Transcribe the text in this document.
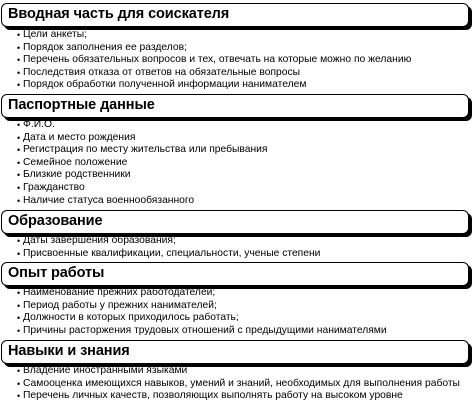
Вводная часть для соискателя
• Цели анкеты;
• Порядок заполнения ее разделов;
• Перечень обязательных вопросов и тех, отвечать на которые можно по желанию
• Последствия отказа от ответов на обязательные вопросы
• Порядок обработки полученной информации нанимателем
Паспортные данные
• Ф.И.О.
• Дата и место рождения
• Регистрация по месту жительства или пребывания
• Семейное положение
• Близкие родственники
• Гражданство
• Наличие статуса военнообязанного
Образование
• Даты завершения образования;
• Присвоенные квалификации, специальности, ученые степени
Опыт работы
• Наименование прежних работодателей;
• Период работы у прежних нанимателей;
• Должности в которых приходилось работать;
• Причины расторжения трудовых отношений с предыдущими нанимателями
Навыки и знания
• Владение иностранными языками
• Самооценка имеющихся навыков, умений и знаний, необходимых для выполнения работы
• Перечень личных качеств, позволяющих выполнять работу на высоком уровне
